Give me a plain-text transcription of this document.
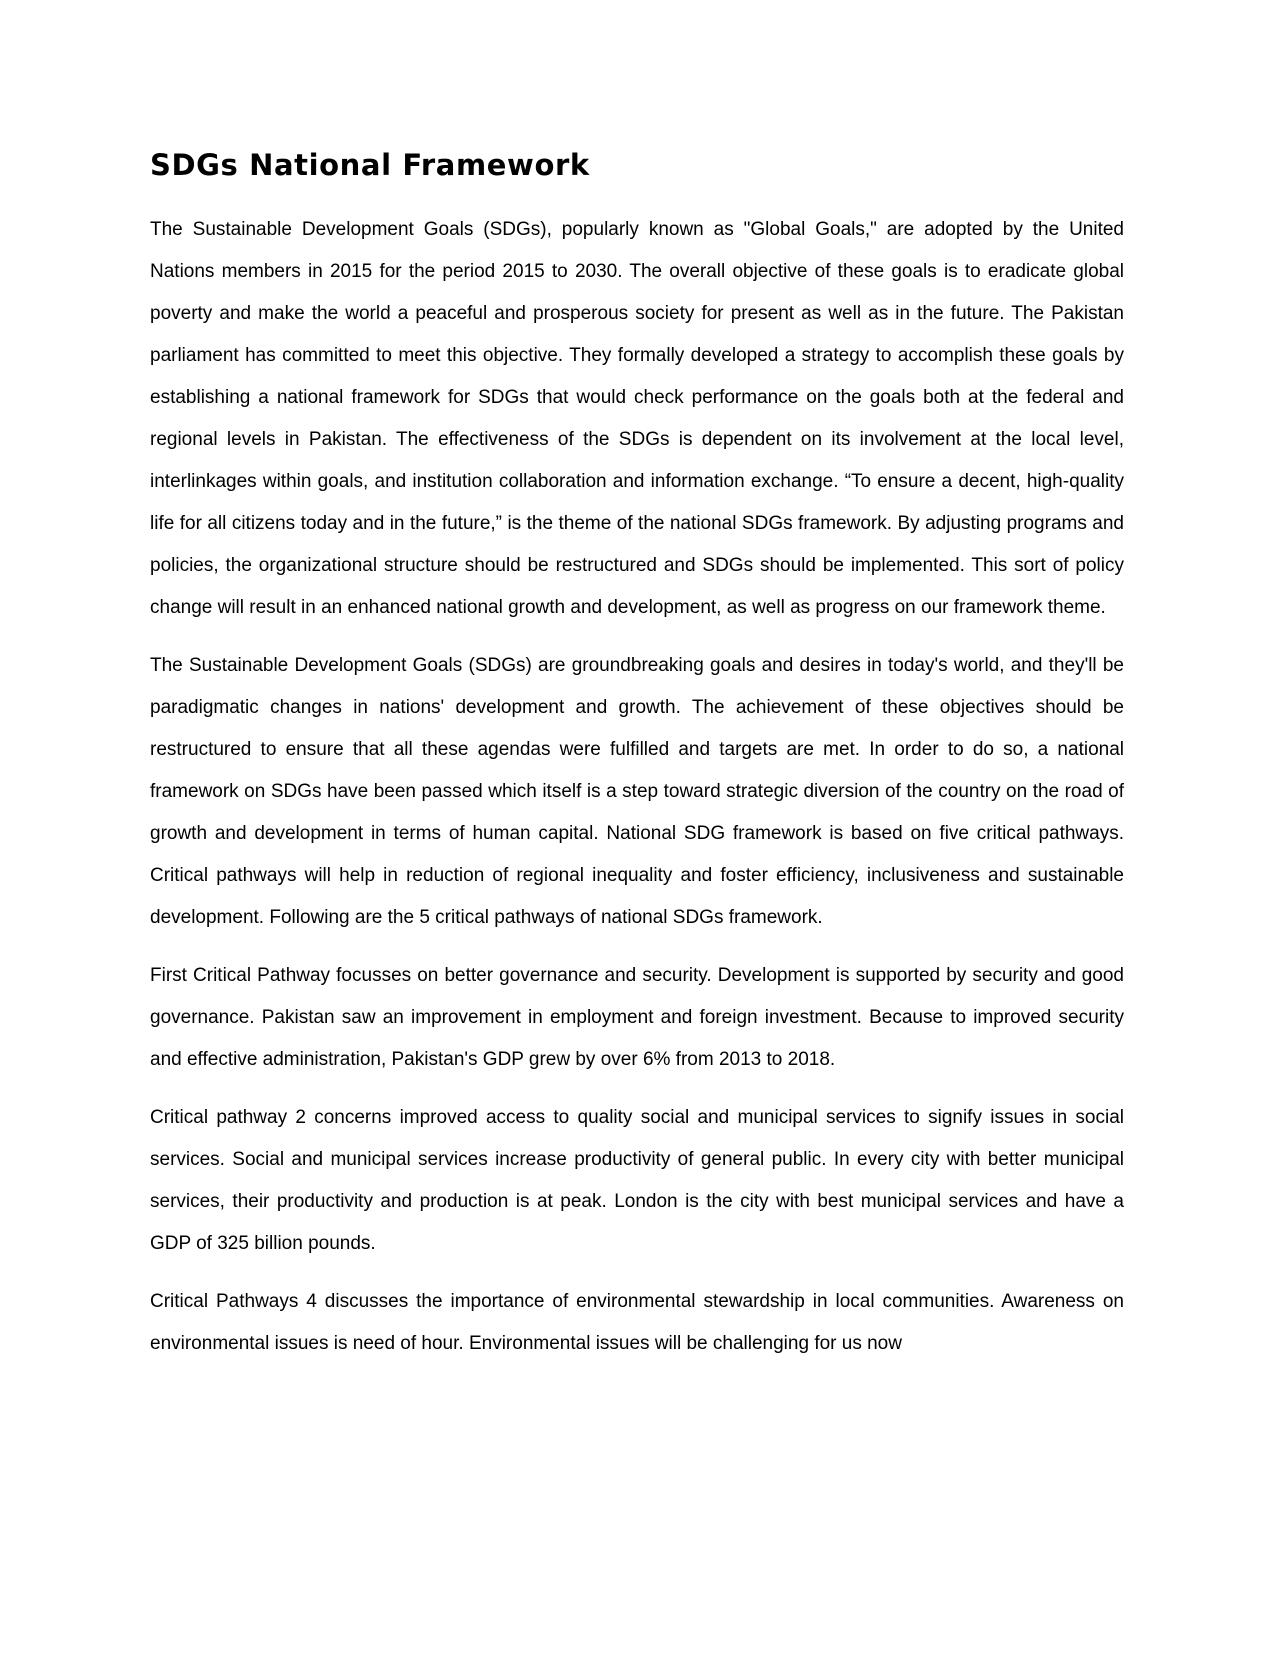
SDGs National Framework

The Sustainable Development Goals (SDGs), popularly known as "Global Goals," are adopted by the United Nations members in 2015 for the period 2015 to 2030. The overall objective of these goals is to eradicate global poverty and make the world a peaceful and prosperous society for present as well as in the future. The Pakistan parliament has committed to meet this objective. They formally developed a strategy to accomplish these goals by establishing a national framework for SDGs that would check performance on the goals both at the federal and regional levels in Pakistan. The effectiveness of the SDGs is dependent on its involvement at the local level, interlinkages within goals, and institution collaboration and information exchange. “To ensure a decent, high-quality life for all citizens today and in the future,” is the theme of the national SDGs framework. By adjusting programs and policies, the organizational structure should be restructured and SDGs should be implemented. This sort of policy change will result in an enhanced national growth and development, as well as progress on our framework theme.

The Sustainable Development Goals (SDGs) are groundbreaking goals and desires in today's world, and they'll be paradigmatic changes in nations' development and growth. The achievement of these objectives should be restructured to ensure that all these agendas were fulfilled and targets are met. In order to do so, a national framework on SDGs have been passed which itself is a step toward strategic diversion of the country on the road of growth and development in terms of human capital. National SDG framework is based on five critical pathways. Critical pathways will help in reduction of regional inequality and foster efficiency, inclusiveness and sustainable development. Following are the 5 critical pathways of national SDGs framework.

First Critical Pathway focusses on better governance and security. Development is supported by security and good governance. Pakistan saw an improvement in employment and foreign investment. Because to improved security and effective administration, Pakistan's GDP grew by over 6% from 2013 to 2018.

Critical pathway 2 concerns improved access to quality social and municipal services to signify issues in social services. Social and municipal services increase productivity of general public. In every city with better municipal services, their productivity and production is at peak. London is the city with best municipal services and have a GDP of 325 billion pounds.

Critical Pathways 4 discusses the importance of environmental stewardship in local communities. Awareness on environmental issues is need of hour. Environmental issues will be challenging for us now
